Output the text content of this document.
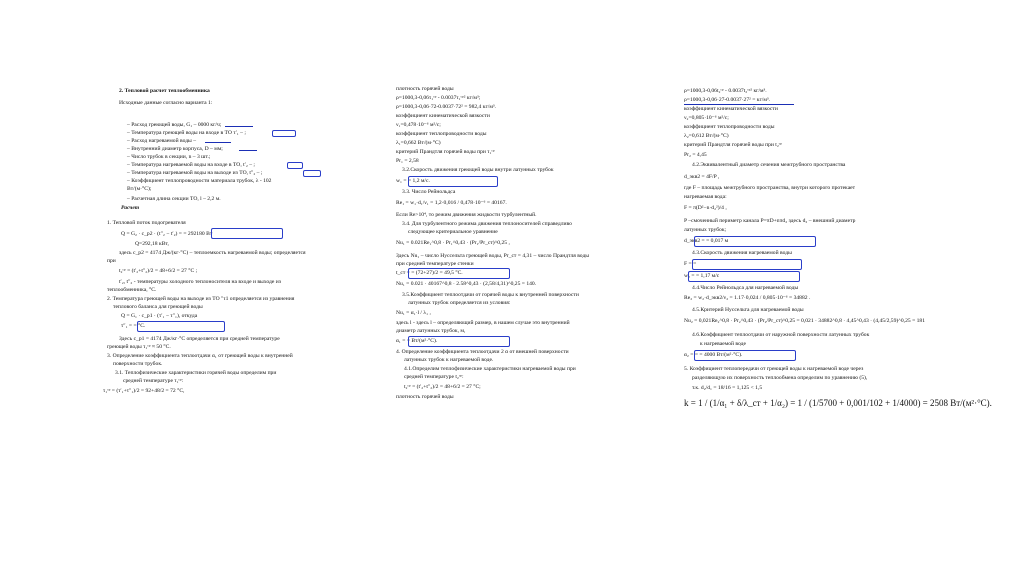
2. Тепловой расчет теплообменника
Исходные данные согласно варианта 1:
– Расход греющей воды, G₁ – 0000 кг/ч;
– Температура греющей воды на входе в ТО τ′₁ – ;
– Расход нагреваемой воды –
– Внутренний диаметр корпуса, D – мм;
– Число трубок в секции, n – 3 шт.;
– Температура нагреваемой воды на входе в ТО, t′₂ – ;
– Температура нагреваемой воды на выходе из ТО, t″₂ – ;
– Коэффициент теплопроводности материала трубок, λ - 102
Вт/(м·°С);
– Расчетная длина секции ТО, l – 2,2 м.
Расчет
1. Тепловой поток подогревателя
Q = G₂ · c_p2 · (t″₂ − t′₂) = = 292180 Вт
Q=292,18 кВт,
здесь c_p2 = 4174 Дж/(кг·°С) – теплоемкость нагреваемой воды; определяется
при
t₂ᶜᵖ = (t′₂+t″₂)/2 = 48+6/2 = 27 °C ;
t′₂, t″₂ - температуры холодного теплоносителя на входе и выходе из
теплообменника, °С.
2. Температура греющей воды на выходе из ТО "τ1 определяется из уравнения
теплового баланса для греющей воды
Q = G₁ · c_p1 · (τ′₁ − τ″₁), откуда
τ″₁ = = °C.
Здесь c_p1 = 4174 Дж/кг·°С определяется при средней температуре
греющей воды τ₁ᶜᵖ ≈ 50 °С.
3. Определение коэффициента теплоотдачи α₁ от греющей воды к внутренней
поверхности трубок.
3.1. Теплофизические характеристики горячей воды определим при
средней температуре τ₁ᶜᵖ:
τ₁ᶜᵖ = (τ′₁+τ″₁)/2 = 92+48/2 = 72 °C,
плотность горячей воды
ρ=1000,3-0,06τ₁ᶜᵖ - 0.0037τ₁ᶜᵖ² кг/м³;
ρ=1000,3-0,06·72-0.0037·72² = 982,4 кг/м³.
коэффициент кинематической вязкости
ν₁=0,478·10⁻⁶ м²/с;
коэффициент теплопроводности воды
λ₁=0,662 Вт/(м·°С)
критерий Прандтля горячей воды при τ₁ᶜᵖ
Pr₁ = 2,58
3.2.Скорость движения греющей воды внутри латунных трубок
w₁ = = 1,2 м/с.
3.3. Число Рейнольдса
Re₁ = w₁·d₁/ν₁ = 1,2·0,016 / 0,478·10⁻⁶ = 40167.
Если Re>10⁴, то режим движения жидкости турбулентный.
3.4. Для турбулентного режима движения теплоносителей справедливо
следующее критериальное уравнение
Nu₁ = 0.021Re₁^0,8 · Pr₁^0,43 · (Pr₁/Pr_ст)^0,25 ,
Здесь Nu₁ – число Нуссельта греющей воды, Pr_ст = 4,31 – число Прандтля воды
при средней температуре стенки
t_ст = = (72+27)/2 = 49,5 °C.
Nu₁ = 0.021 · 40167^0,8 · 2.58^0,43 · (2,58/4,31)^0,25 = 140.
3.5.Коэффициент теплоотдачи от горячей воды к внутренней поверхности
латунных трубок определяется из условия:
Nu₁ = α₁·l / λ₁ ,
здесь l - здесь l – определяющий размер, в нашем случае это внутренний
диаметр латунных трубок, м,
α₁ = = Вт/(м²·°С).
4. Определение коэффициента теплоотдачи 2 α от внешней поверхности
латунных трубок к нагреваемой воде.
4.1.Определим теплофизические характеристики нагреваемой воды при
средней температуре t₂ᶜᵖ:
t₂ᶜᵖ = (t′₂+t″₂)/2 = 48+6/2 = 27 °C;
плотность горячей воды
ρ=1000,3-0,06t₂ᶜᵖ - 0.0037t₂ᶜᵖ² кг/м³.
ρ=1000,3-0,06·27-0.0037·27² = кг/м³.
коэффициент кинематической вязкости
ν₂=0,805·10⁻⁶ м²/с;
коэффициент теплопроводности воды
λ₂=0,612 Вт/(м·°С)
критерий Прандтля горячей воды при t₂ᶜᵖ
Pr₂ = 4,45
4.2.Эквивалентный диаметр сечения межтрубного пространства
d_экв2 = 4F/P ,
где F – площадь межтрубного пространства, внутри которого протекает
нагреваемая вода:
F = π(D²−n·d₂²)/4 ,
P –смоченный периметр канала P=πD+nπd₂ здесь d₂ – внешний диаметр
латунных трубок;
d_экв2 = = 0,017 м
4.3.Скорость движения нагреваемой воды
F = =
w₂ = = 1,17 м/с
4.4.Число Рейнольдса для нагреваемой воды
Re₂ = w₂·d_экв2/ν₂ = 1.17·0,024 / 0,805·10⁻⁶ = 34882 .
4.5.Критерий Нуссельта для нагреваемой воды
Nu₂ = 0,021Re₂^0,8 · Pr₂^0,43 · (Pr₂/Pr_ст)^0,25 = 0,021 · 34882^0,8 · 4,45^0,43 · (4,45/2,59)^0,25 = 181
4.6.Коэффициент теплоотдачи от наружной поверхности латунных трубок
к нагреваемой воде
α₂ = = = 4000 Вт/(м²·°С).
5. Коэффициент теплопередачи от греющей воды к нагреваемой воде через
разделяющую их поверхность теплообмена определим по уравнению (5),
т.к. d₂/d₁ = 18/16 = 1,125 < 1,5
k = 1 / (1/α₁ + δ/λ_ст + 1/α₂) = 1 / (1/5700 + 0,001/102 + 1/4000) = 2508 Вт/(м²·°С).
